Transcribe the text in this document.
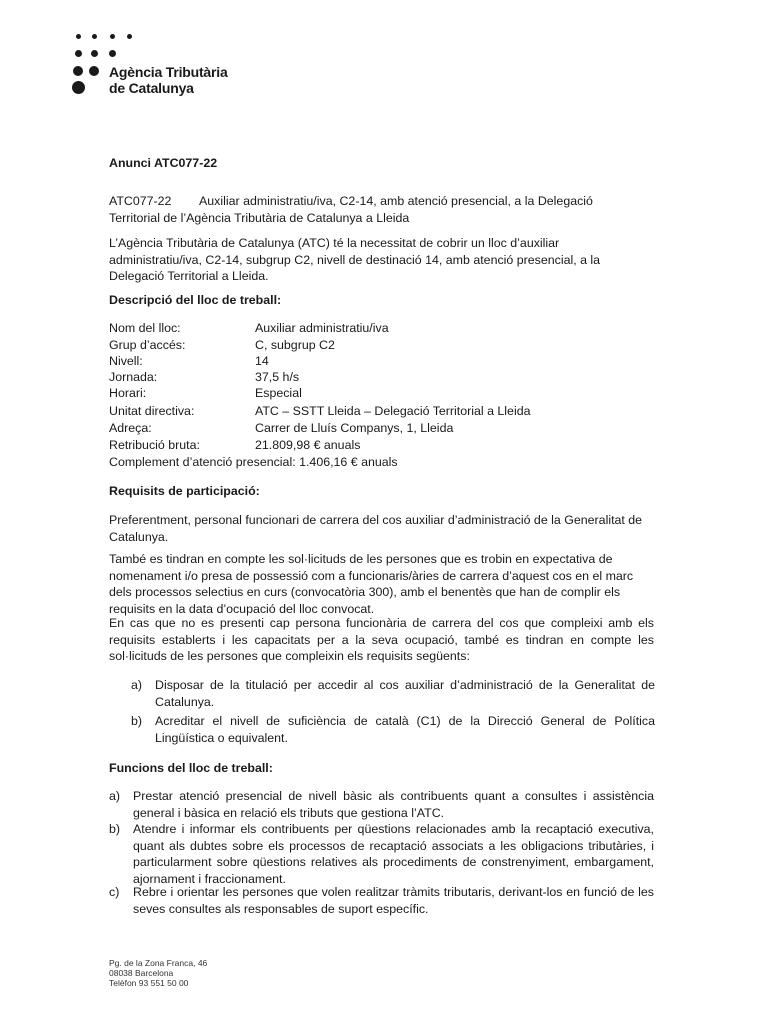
Agència Tributària
de Catalunya
Anunci ATC077-22
ATC077-22 Auxiliar administratiu/iva, C2-14, amb atenció presencial, a la Delegació
Territorial de l’Agència Tributària de Catalunya a Lleida
L’Agència Tributària de Catalunya (ATC) té la necessitat de cobrir un lloc d’auxiliar administratiu/iva, C2-14, subgrup C2, nivell de destinació 14, amb atenció presencial, a la Delegació Territorial a Lleida.
Descripció del lloc de treball:
Nom del lloc:	Auxiliar administratiu/iva
Grup d’accés:	C, subgrup C2
Nivell:	14
Jornada:	37,5 h/s
Horari:	Especial
Unitat directiva:	ATC – SSTT Lleida – Delegació Territorial a Lleida
Adreça:	Carrer de Lluís Companys, 1, Lleida
Retribució bruta:	21.809,98 € anuals
Complement d’atenció presencial: 1.406,16 € anuals
Requisits de participació:
Preferentment, personal funcionari de carrera del cos auxiliar d’administració de la Generalitat de Catalunya.
També es tindran en compte les sol·licituds de les persones que es trobin en expectativa de nomenament i/o presa de possessió com a funcionaris/àries de carrera d’aquest cos en el marc dels processos selectius en curs (convocatòria 300), amb el benentès que han de complir els requisits en la data d’ocupació del lloc convocat.
En cas que no es presenti cap persona funcionària de carrera del cos que compleixi amb els requisits establerts i les capacitats per a la seva ocupació, també es tindran en compte les sol·licituds de les persones que compleixin els requisits següents:
a) Disposar de la titulació per accedir al cos auxiliar d’administració de la Generalitat de Catalunya.
b) Acreditar el nivell de suficiència de català (C1) de la Direcció General de Política Lingüística o equivalent.
Funcions del lloc de treball:
a) Prestar atenció presencial de nivell bàsic als contribuents quant a consultes i assistència general i bàsica en relació els tributs que gestiona l’ATC.
b) Atendre i informar els contribuents per qüestions relacionades amb la recaptació executiva, quant als dubtes sobre els processos de recaptació associats a les obligacions tributàries, i particularment sobre qüestions relatives als procediments de constrenyiment, embargament, ajornament i fraccionament.
c) Rebre i orientar les persones que volen realitzar tràmits tributaris, derivant-los en funció de les seves consultes als responsables de suport específic.
Pg. de la Zona Franca, 46
08038 Barcelona
Telèfon 93 551 50 00
